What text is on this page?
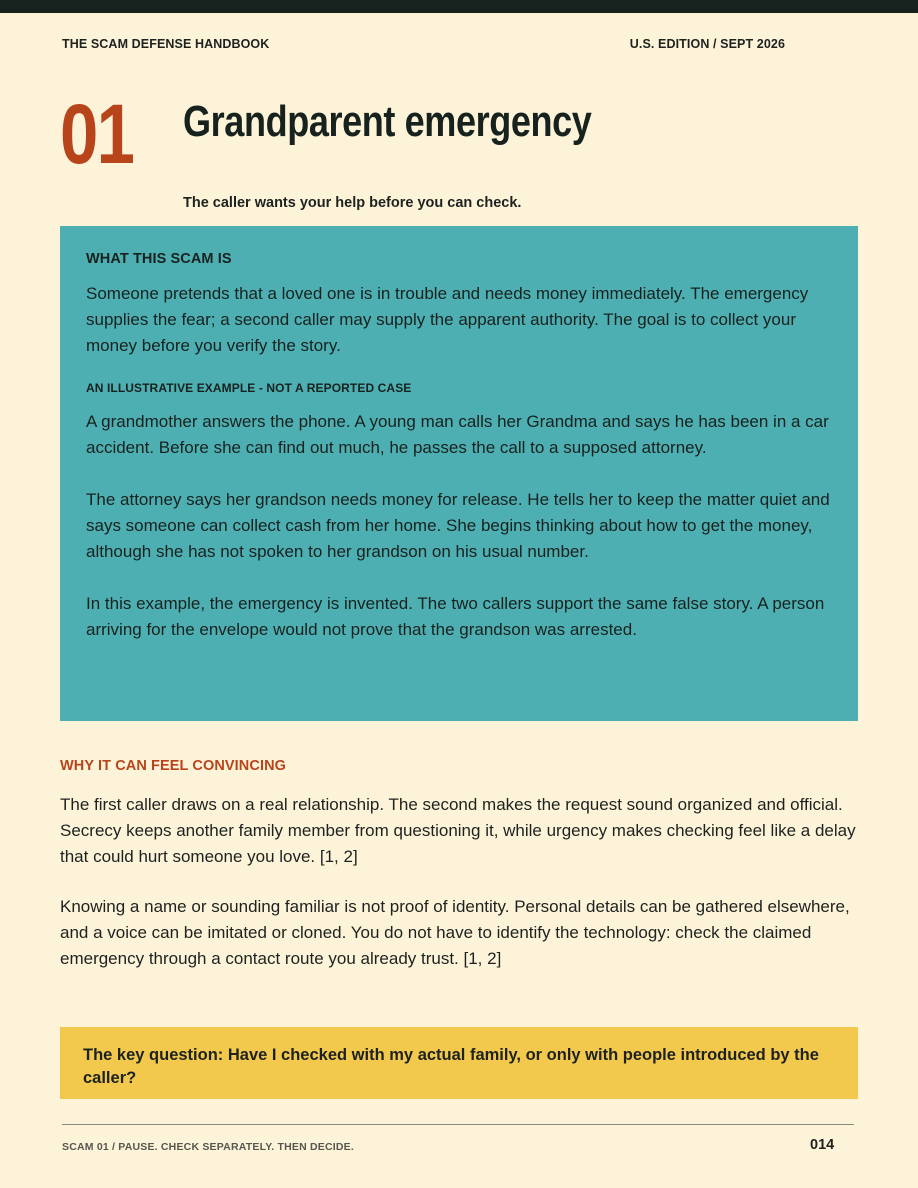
THE SCAM DEFENSE HANDBOOK	U.S. EDITION / SEPT 2026
01 Grandparent emergency
The caller wants your help before you can check.
WHAT THIS SCAM IS

Someone pretends that a loved one is in trouble and needs money immediately. The emergency supplies the fear; a second caller may supply the apparent authority. The goal is to collect your money before you verify the story.

AN ILLUSTRATIVE EXAMPLE - NOT A REPORTED CASE

A grandmother answers the phone. A young man calls her Grandma and says he has been in a car accident. Before she can find out much, he passes the call to a supposed attorney.

The attorney says her grandson needs money for release. He tells her to keep the matter quiet and says someone can collect cash from her home. She begins thinking about how to get the money, although she has not spoken to her grandson on his usual number.

In this example, the emergency is invented. The two callers support the same false story. A person arriving for the envelope would not prove that the grandson was arrested.

WHY IT CAN FEEL CONVINCING

The first caller draws on a real relationship. The second makes the request sound organized and official. Secrecy keeps another family member from questioning it, while urgency makes checking feel like a delay that could hurt someone you love. [1, 2]

Knowing a name or sounding familiar is not proof of identity. Personal details can be gathered elsewhere, and a voice can be imitated or cloned. You do not have to identify the technology: check the claimed emergency through a contact route you already trust. [1, 2]

The key question: Have I checked with my actual family, or only with people introduced by the caller?

SCAM 01 / PAUSE. CHECK SEPARATELY. THEN DECIDE.	014
